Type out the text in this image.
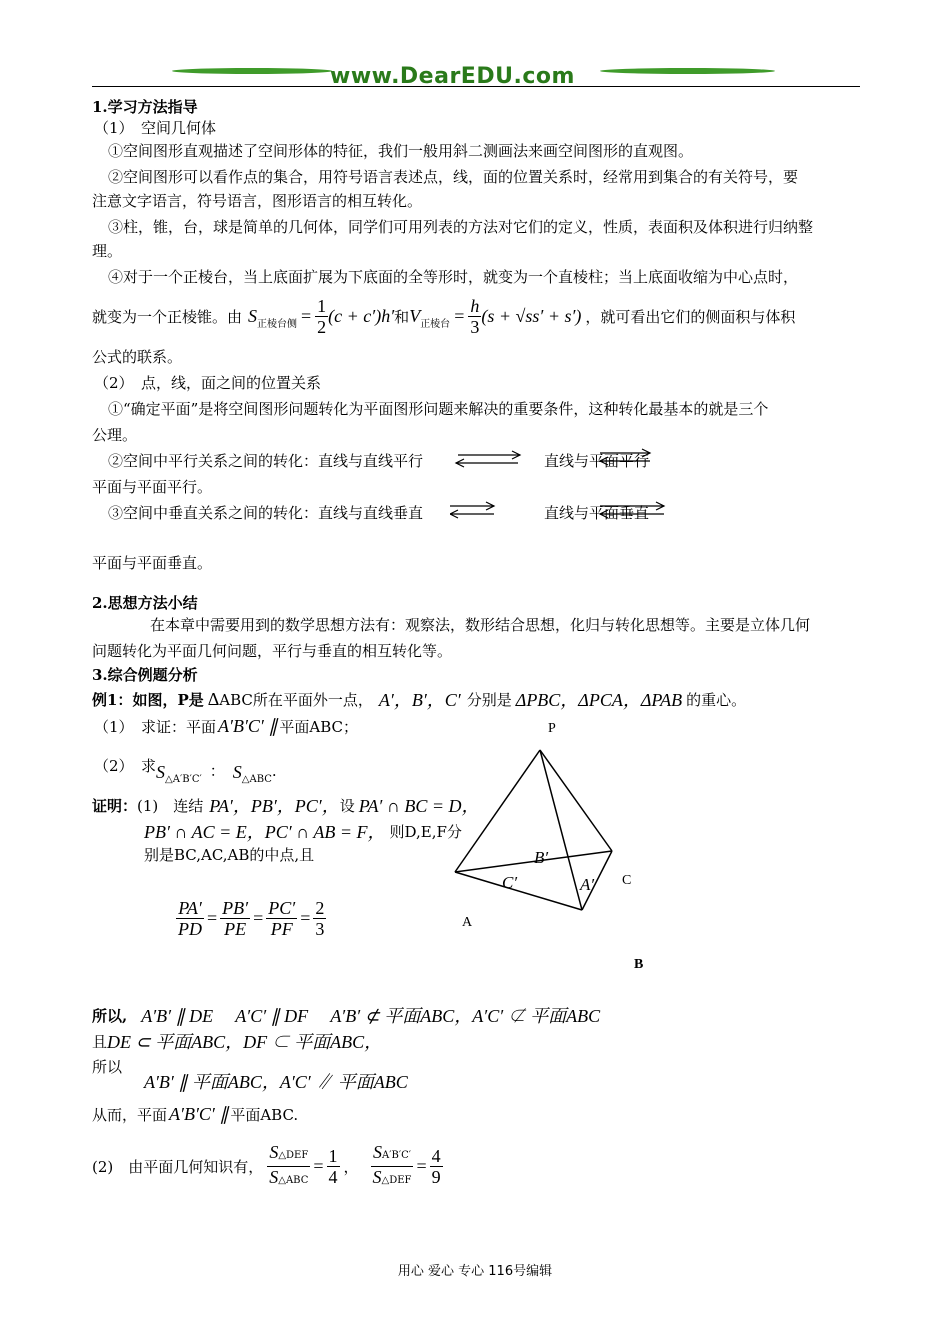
www.DearEDU.com
1.学习方法指导
（1）　空间几何体
①空间图形直观描述了空间形体的特征，我们一般用斜二测画法来画空间图形的直观图。
②空间图形可以看作点的集合，用符号语言表述点，线，面的位置关系时，经常用到集合的有关符号，要
注意文字语言，符号语言，图形语言的相互转化。
③柱，锥，台，球是简单的几何体，同学们可用列表的方法对它们的定义，性质，表面积及体积进行归纳整
理。
④对于一个正棱台，当上底面扩展为下底面的全等形时，就变为一个直棱柱；当上底面收缩为中心点时，
就变为一个正棱锥。由 S 正棱台侧 = $\frac{1}{2} (c + c')h'$ 和 V 正棱台 = $\frac{h}{3} (s + √ss' + s')$ ，就可看出它们的侧面积与体积
公式的联系。
（2）　点，线，面之间的位置关系
①“确定平面”是将空间图形问题转化为平面图形问题来解决的重要条件，这种转化最基本的就是三个
公理。
②空间中平行关系之间的转化：直线与直线平行	直线与平面平行
平面与平面平行。
③空间中垂直关系之间的转化：直线与直线垂直	直线与平面垂直
平面与平面垂直。
2.思想方法小结
在本章中需要用到的数学思想方法有：观察法，数形结合思想，化归与转化思想等。主要是立体几何
问题转化为平面几何问题，平行与垂直的相互转化等。
3.综合例题分析
例1： 如图，P是 Δ ABC所在平面外一点， A′，B′，C′ 分别是 ΔPBC，ΔPCA，ΔPAB 的重心。
（1）　求证：平面 A′B′C′ ∥ 平面ABC；
（2）　求 S △A′B′C′ ： S △ABC .
证明： (1)　连结 PA′，PB′，PC′， 设 PA′ ∩ BC = D，
PB′ ∩ AC = E，PC′ ∩ AB = F， 则D,E,F分
别是BC,AC,AB的中点,且
$\frac{PA'}{PD} = \frac{PB'}{PE} = \frac{PC'}{PF} = \frac{2}{3}$
所以, A′B′ ∥ DE　 A′C′ ∥ DF　 A′B′ ⊄ 平面ABC，A′C′ ⊄ 平面ABC
且 DE ⊂ 平面ABC，DF ⊂ 平面ABC，
所以
A′B′ ∥ 平面ABC，A′C′ ∥ 平面ABC
从而，平面 A′B′C′ ∥ 平面ABC.
(2)　由平面几何知识有， $\frac{\text{S△DEF}}{\text{S△ABC}} = \frac{1}{4}$ ， $\frac{SA'B'C'}{\text{S△DEF}} = \frac{4}{9}$
P
A
B
C
A′
B′
C′
用心 爱心 专心 116号编辑
